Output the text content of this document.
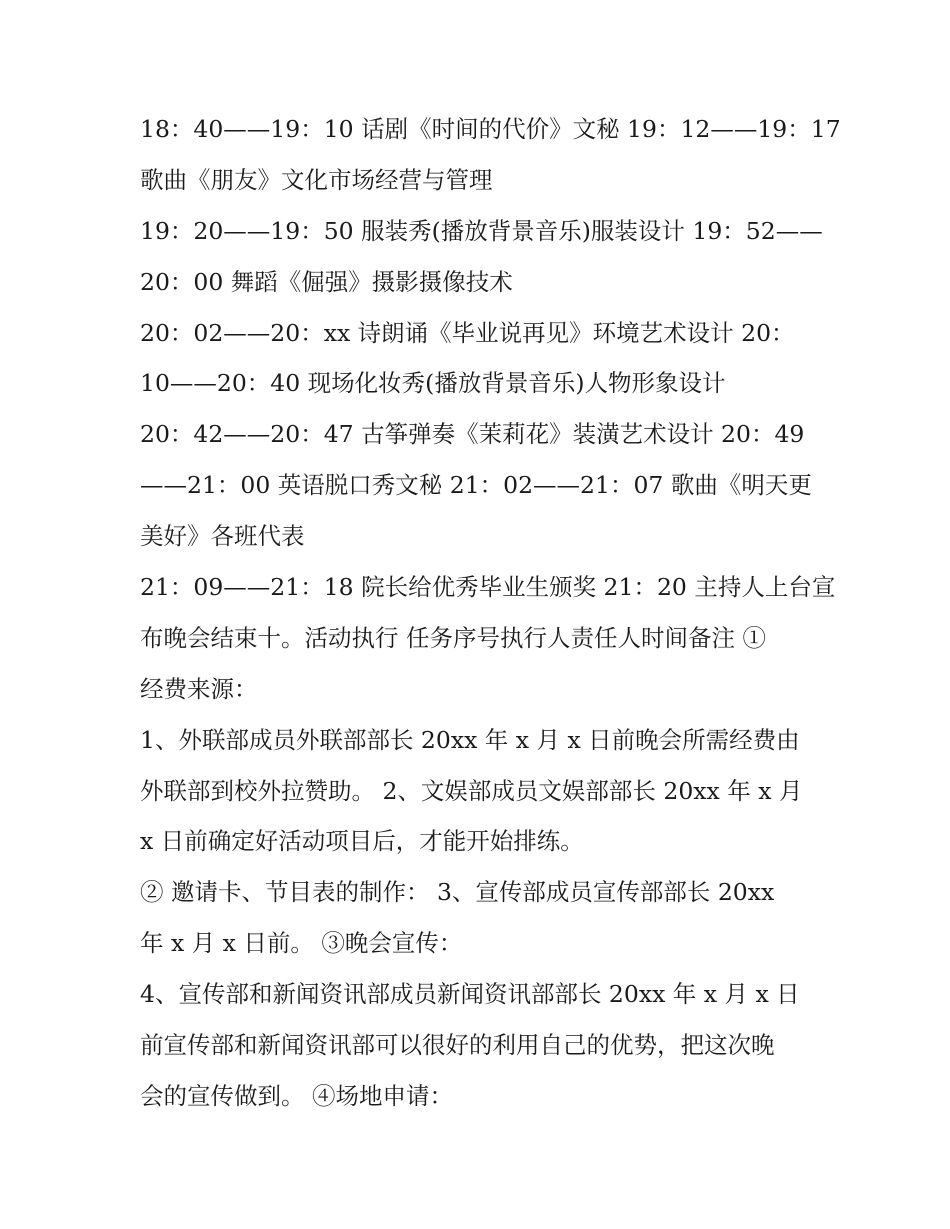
18：40——19：10 话剧《时间的代价》文秘 19：12——19：17
歌曲《朋友》文化市场经营与管理
19：20——19：50 服装秀(播放背景音乐)服装设计 19：52——
20：00 舞蹈《倔强》摄影摄像技术
20：02——20：xx 诗朗诵《毕业说再见》环境艺术设计 20：
10——20：40 现场化妆秀(播放背景音乐)人物形象设计
20：42——20：47 古筝弹奏《茉莉花》装潢艺术设计 20：49
——21：00 英语脱口秀文秘 21：02——21：07 歌曲《明天更
美好》各班代表
21：09——21：18 院长给优秀毕业生颁奖 21：20 主持人上台宣
布晚会结束十。活动执行 任务序号执行人责任人时间备注 ①
经费来源：
1、外联部成员外联部部长 20xx 年 x 月 x 日前晚会所需经费由
外联部到校外拉赞助。 2、文娱部成员文娱部部长 20xx 年 x 月
x 日前确定好活动项目后，才能开始排练。
② 邀请卡、节目表的制作： 3、宣传部成员宣传部部长 20xx
年 x 月 x 日前。 ③晚会宣传：
4、宣传部和新闻资讯部成员新闻资讯部部长 20xx 年 x 月 x 日
前宣传部和新闻资讯部可以很好的利用自己的优势，把这次晚
会的宣传做到。 ④场地申请：
